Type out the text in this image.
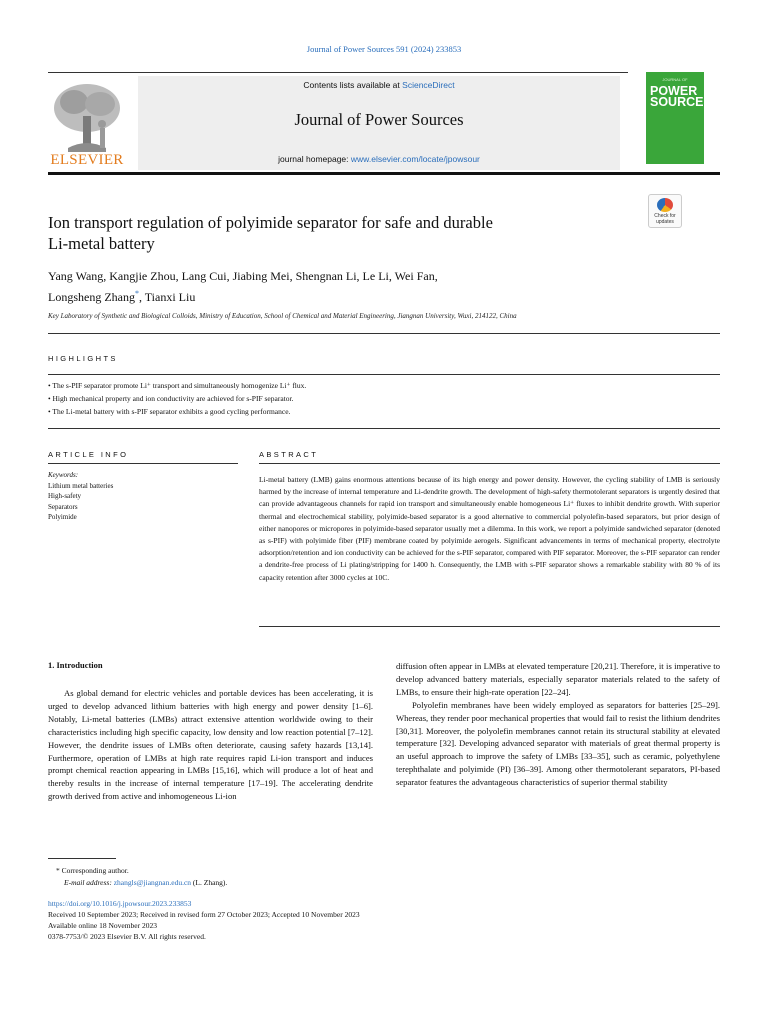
Journal of Power Sources 591 (2024) 233853
ELSEVIER
Contents lists available at ScienceDirect
Journal of Power Sources
journal homepage: www.elsevier.com/locate/jpowsour
JOURNAL OF
POWER SOURCES
Ion transport regulation of polyimide separator for safe and durable
Li-metal battery
Check for updates
Yang Wang, Kangjie Zhou, Lang Cui, Jiabing Mei, Shengnan Li, Le Li, Wei Fan,
Longsheng Zhang*, Tianxi Liu
Key Laboratory of Synthetic and Biological Colloids, Ministry of Education, School of Chemical and Material Engineering, Jiangnan University, Wuxi, 214122, China
HIGHLIGHTS
• The s-PIF separator promote Li⁺ transport and simultaneously homogenize Li⁺ flux.
• High mechanical property and ion conductivity are achieved for s-PIF separator.
• The Li-metal battery with s-PIF separator exhibits a good cycling performance.
ARTICLE INFO
Keywords:
Lithium metal batteries
High-safety
Separators
Polyimide
ABSTRACT
Li-metal battery (LMB) gains enormous attentions because of its high energy and power density. However, the cycling stability of LMB is seriously harmed by the increase of internal temperature and Li-dendrite growth. The development of high-safety thermotolerant separators is urgently desired that can provide advantageous channels for rapid ion transport and simultaneously enable homogeneous Li⁺ fluxes to inhibit dendrite growth. With superior thermal and electrochemical stability, polyimide-based separator is a good alternative to commercial polyolefin-based separators, but prior design of either nanopores or micropores in polyimide-based separator usually met a dilemma. In this work, we report a polyimide sandwiched separator (denoted as s-PIF) with polyimide fiber (PIF) membrane coated by polyimide aerogels. Significant advancements in terms of mechanical property, electrolyte adsorption/retention and ion conductivity can be achieved for the s-PIF separator, compared with PIF separator. Moreover, the s-PIF separator can render a dendrite-free process of Li plating/stripping for 1400 h. Consequently, the LMB with s-PIF separator shows a remarkable stability with 80 % of its capacity retention after 3000 cycles at 10C.
1. Introduction

As global demand for electric vehicles and portable devices has been accelerating, it is urged to develop advanced lithium batteries with high energy and power density [1–6]. Notably, Li-metal batteries (LMBs) attract extensive attention worldwide owing to their characteristics including high specific capacity, low density and low reaction potential [7–12]. However, the dendrite issues of LMBs often deteriorate, causing safety hazards [13,14]. Furthermore, operation of LMBs at high rate requires rapid Li-ion transport and induces prompt chemical reaction appearing in LMBs [15,16], which will produce a lot of heat and thereby results in the increase of internal temperature [17–19]. The accelerating dendrite growth derived from active and inhomogeneous Li-ion

diffusion often appear in LMBs at elevated temperature [20,21]. Therefore, it is imperative to develop advanced battery materials, especially separator materials related to the safety of LMBs, to ensure their high-rate operation [22–24].

Polyolefin membranes have been widely employed as separators for batteries [25–29]. Whereas, they render poor mechanical properties that would fail to resist the lithium dendrites [30,31]. Moreover, the polyolefin membranes cannot retain its structural stability at elevated temperature [32]. Developing advanced separator with materials of great thermal property is an useful approach to improve the safety of LMBs [33–35], such as ceramic, polyethylene terephthalate and polyimide (PI) [36–39]. Among other thermotolerant separators, PI-based separator features the advantageous characteristics of superior thermal stability

* Corresponding author.
E-mail address: zhangls@jiangnan.edu.cn (L. Zhang).
https://doi.org/10.1016/j.jpowsour.2023.233853
Received 10 September 2023; Received in revised form 27 October 2023; Accepted 10 November 2023
Available online 18 November 2023
0378-7753/© 2023 Elsevier B.V. All rights reserved.
